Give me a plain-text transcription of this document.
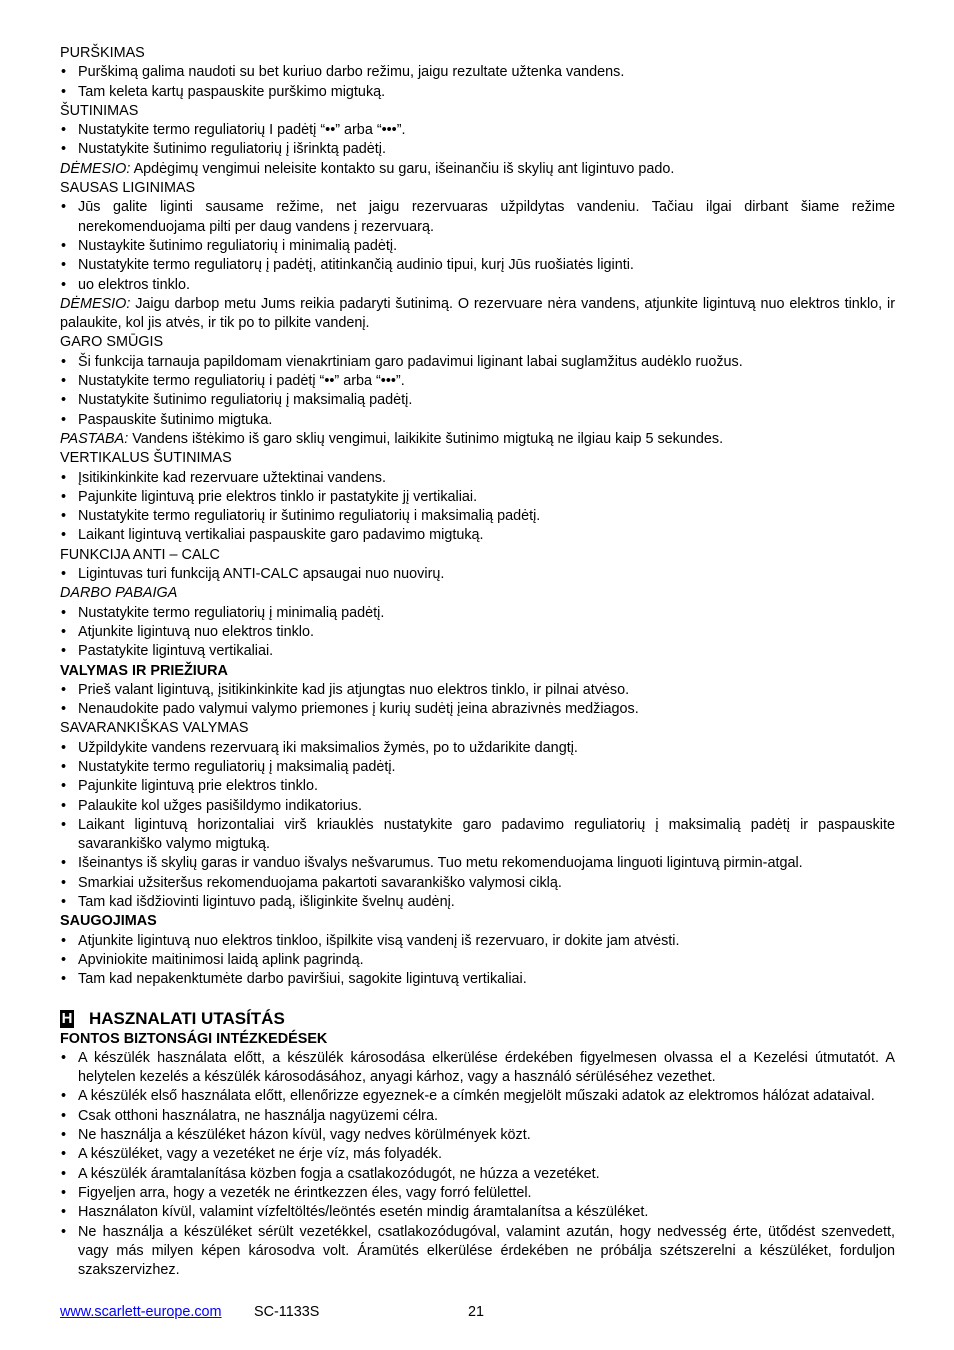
PURŠKIMAS
• Purškimą galima naudoti su bet kuriuo darbo režimu, jaigu rezultate užtenka vandens.
• Tam keleta kartų paspauskite purškimo migtuką.
ŠUTINIMAS
• Nustatykite termo reguliatorių I padėtį “••” arba “•••”.
• Nustatykite šutinimo reguliatorių į išrinktą padėtį.
DĖMESIO: Apdėgimų vengimui neleisite kontakto su garu, išeinančiu iš skylių ant ligintuvo pado.
SAUSAS LIGINIMAS
• Jūs galite liginti sausame režime, net jaigu rezervuaras užpildytas vandeniu. Tačiau ilgai dirbant šiame režime nerekomenduojama pilti per daug vandens į rezervuarą.
• Nustaykite šutinimo reguliatorių i minimalią padėtį.
• Nustatykite termo reguliatorų į padėtį, atitinkančią audinio tipui, kurį Jūs ruošiatės liginti.
• uo elektros tinklo.
DĖMESIO: Jaigu darbop metu Jums reikia padaryti šutinimą. O rezervuare nėra vandens, atjunkite ligintuvą nuo elektros tinklo, ir palaukite, kol jis atvės, ir tik po to pilkite vandenį.
GARO SMŪGIS
• Ši funkcija tarnauja papildomam vienakrtiniam garo padavimui liginant labai suglamžitus audėklo ruožus.
• Nustatykite termo reguliatorių i padėtį “••” arba “•••”.
• Nustatykite šutinimo reguliatorių į maksimalią padėtį.
• Paspauskite šutinimo migtuka.
PASTABA: Vandens ištėkimo iš garo sklių vengimui, laikikite šutinimo migtuką ne ilgiau kaip 5 sekundes.
VERTIKALUS ŠUTINIMAS
• Įsitikinkinkite kad rezervuare užtektinai vandens.
• Pajunkite ligintuvą prie elektros tinklo ir pastatykite jį vertikaliai.
• Nustatykite termo reguliatorių ir šutinimo reguliatorių i maksimalią padėtį.
• Laikant ligintuvą vertikaliai paspauskite garo padavimo migtuką.
FUNKCIJA ANTI – CALC
• Ligintuvas turi funkciją ANTI-CALC apsaugai nuo nuovirų.
DARBO PABAIGA
• Nustatykite termo reguliatorių į minimalią padėtį.
• Atjunkite ligintuvą nuo elektros tinklo.
• Pastatykite ligintuvą vertikaliai.
VALYMAS IR PRIEŽIURA
• Prieš valant ligintuvą, įsitikinkinkite kad jis atjungtas nuo elektros tinklo, ir pilnai atvėso.
• Nenaudokite pado valymui valymo priemones į kurių sudėtį įeina abrazivnės medžiagos.
SAVARANKIŠKAS VALYMAS
• Užpildykite vandens rezervuarą iki maksimalios žymės, po to uždarikite dangtį.
• Nustatykite termo reguliatorių į maksimalią padėtį.
• Pajunkite ligintuvą prie elektros tinklo.
• Palaukite kol užges pasišildymo indikatorius.
• Laikant ligintuvą horizontaliai virš kriauklės nustatykite garo padavimo reguliatorių į maksimalią padėtį ir paspauskite savarankiško valymo migtuką.
• Išeinantys iš skylių garas ir vanduo išvalys nešvarumus. Tuo metu rekomenduojama linguoti ligintuvą pirmin-atgal.
• Smarkiai užsiteršus rekomenduojama pakartoti savarankiško valymosi ciklą.
• Tam kad išdžiovinti ligintuvo padą, išliginkite švelnų audėnį.
SAUGOJIMAS
• Atjunkite ligintuvą nuo elektros tinkloo, išpilkite visą vandenį iš rezervuaro, ir dokite jam atvėsti.
• Apviniokite maitinimosi laidą aplink pagrindą.
• Tam kad nepakenktumėte darbo paviršiui, sagokite ligintuvą vertikaliai.
H HASZNALATI UTASÍTÁS
FONTOS BIZTONSÁGI INTÉZKEDÉSEK
• A készülék használata előtt, a készülék károsodása elkerülése érdekében figyelmesen olvassa el a Kezelési útmutatót. A helytelen kezelés a készülék károsodásához, anyagi kárhoz, vagy a használó sérüléséhez vezethet.
• A készülék első használata előtt, ellenőrizze egyeznek-e a címkén megjelölt műszaki adatok az elektromos hálózat adataival.
• Csak otthoni használatra, ne használja nagyüzemi célra.
• Ne használja a készüléket házon kívül, vagy nedves körülmények közt.
• A készüléket, vagy a vezetéket ne érje víz, más folyadék.
• A készülék áramtalanítása közben fogja a csatlakozódugót, ne húzza a vezetéket.
• Figyeljen arra, hogy a vezeték ne érintkezzen éles, vagy forró felülettel.
• Használaton kívül, valamint vízfeltöltés/leöntés esetén mindig áramtalanítsa a készüléket.
• Ne használja a készüléket sérült vezetékkel, csatlakozódugóval, valamint azután, hogy nedvesség érte, ütődést szenvedett, vagy más milyen képen károsodva volt. Áramütés elkerülése érdekében ne próbálja szétszerelni a készüléket, forduljon szakszervizhez.
www.scarlett-europe.com SC-1133S	21
